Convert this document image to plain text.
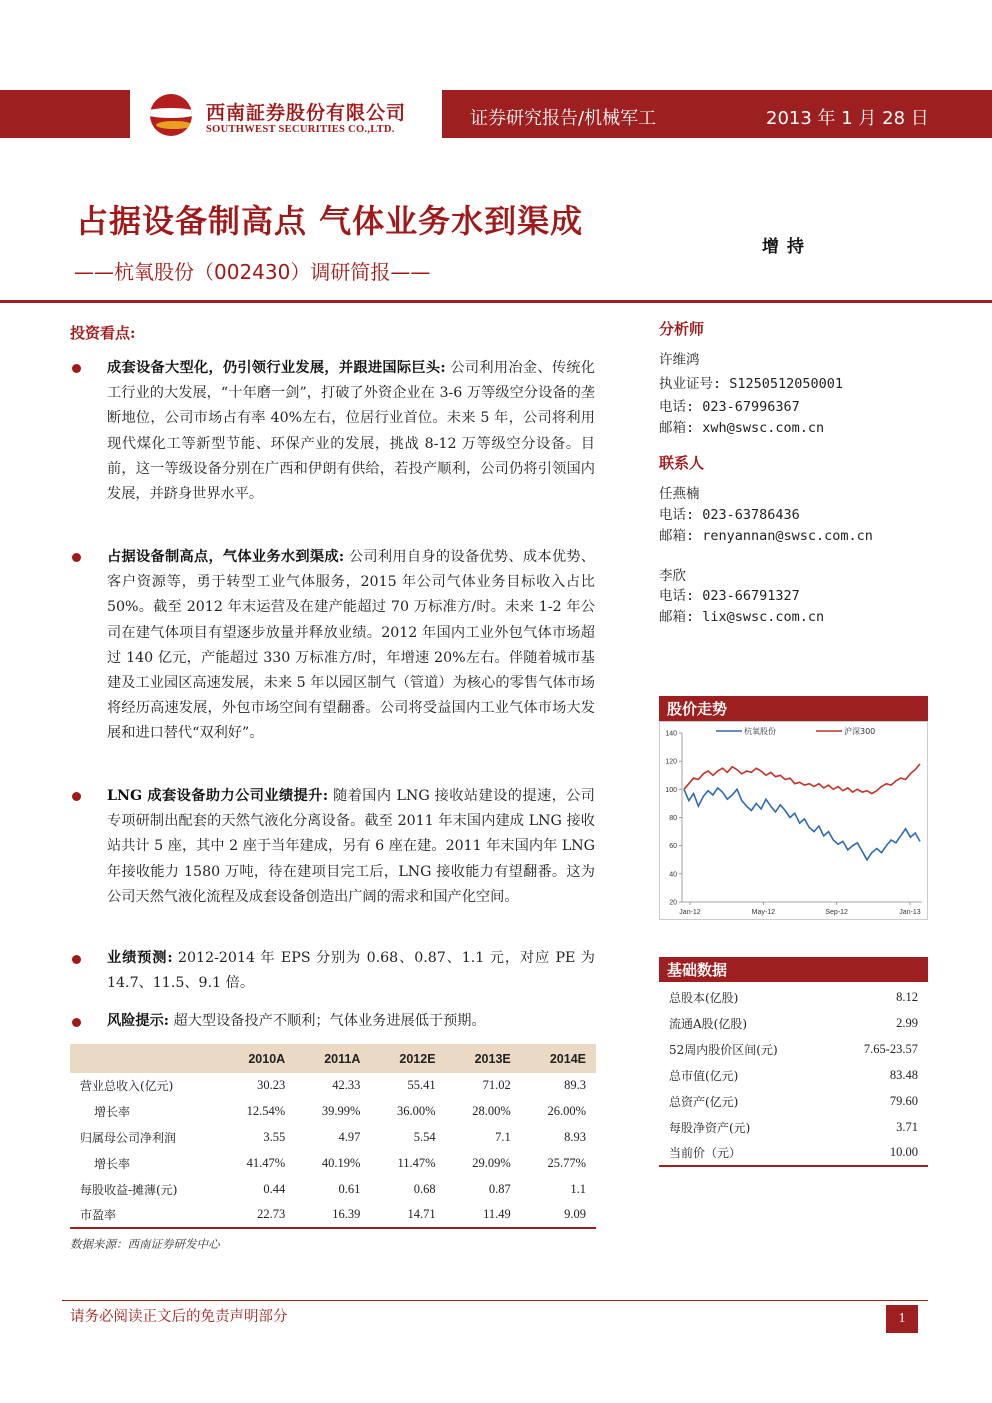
西南証券股份有限公司
SOUTHWEST SECURITIES CO.,LTD.
证券研究报告/机械军工	2013 年 1 月 28 日
占据设备制高点 气体业务水到渠成
——杭氧股份（002430）调研简报——
增持
投资看点:
成套设备大型化，仍引领行业发展，并跟进国际巨头: 公司利用冶金、传统化工行业的大发展，“十年磨一剑”，打破了外资企业在 3-6 万等级空分设备的垄断地位，公司市场占有率 40%左右，位居行业首位。未来 5 年，公司将利用现代煤化工等新型节能、环保产业的发展，挑战 8-12 万等级空分设备。目前，这一等级设备分别在广西和伊朗有供给，若投产顺利，公司仍将引领国内发展，并跻身世界水平。
占据设备制高点，气体业务水到渠成: 公司利用自身的设备优势、成本优势、客户资源等，勇于转型工业气体服务，2015 年公司气体业务目标收入占比 50%。截至 2012 年末运营及在建产能超过 70 万标准方/时。未来 1-2 年公司在建气体项目有望逐步放量并释放业绩。2012 年国内工业外包气体市场超过 140 亿元，产能超过 330 万标准方/时，年增速 20%左右。伴随着城市基建及工业园区高速发展，未来 5 年以园区制气（管道）为核心的零售气体市场将经历高速发展，外包市场空间有望翻番。公司将受益国内工业气体市场大发展和进口替代“双利好”。
LNG 成套设备助力公司业绩提升: 随着国内 LNG 接收站建设的提速，公司专项研制出配套的天然气液化分离设备。截至 2011 年末国内建成 LNG 接收站共计 5 座，其中 2 座于当年建成，另有 6 座在建。2011 年末国内年 LNG 年接收能力 1580 万吨，待在建项目完工后，LNG 接收能力有望翻番。这为公司天然气液化流程及成套设备创造出广阔的需求和国产化空间。
业绩预测: 2012-2014 年 EPS 分别为 0.68、0.87、1.1 元，对应 PE 为 14.7、11.5、9.1 倍。
风险提示: 超大型设备投产不顺利；气体业务进展低于预期。
	2010A	2011A	2012E	2013E	2014E
营业总收入(亿元)	30.23	42.33	55.41	71.02	89.3
增长率	12.54%	39.99%	36.00%	28.00%	26.00%
归属母公司净利润	3.55	4.97	5.54	7.1	8.93
增长率	41.47%	40.19%	11.47%	29.09%	25.77%
每股收益-摊薄(元)	0.44	0.61	0.68	0.87	1.1
市盈率	22.73	16.39	14.71	11.49	9.09
数据来源：西南证券研发中心
分析师
许维鸿
执业证号: S1250512050001
电话: 023-67996367
邮箱: xwh@swsc.com.cn
联系人
任燕楠
电话: 023-63786436
邮箱: renyannan@swsc.com.cn
李欣
电话: 023-66791327
邮箱: lix@swsc.com.cn
股价走势
20
40
60
80
100
120
140
Jan-12	May-12	Sep-12	Jan-13
杭氧股份	沪深300
基础数据
总股本(亿股)	8.12
流通A股(亿股)	2.99
52周内股价区间(元)	7.65-23.57
总市值(亿元)	83.48
总资产(亿元)	79.60
每股净资产(元)	3.71
当前价（元）	10.00
请务必阅读正文后的免责声明部分	1
